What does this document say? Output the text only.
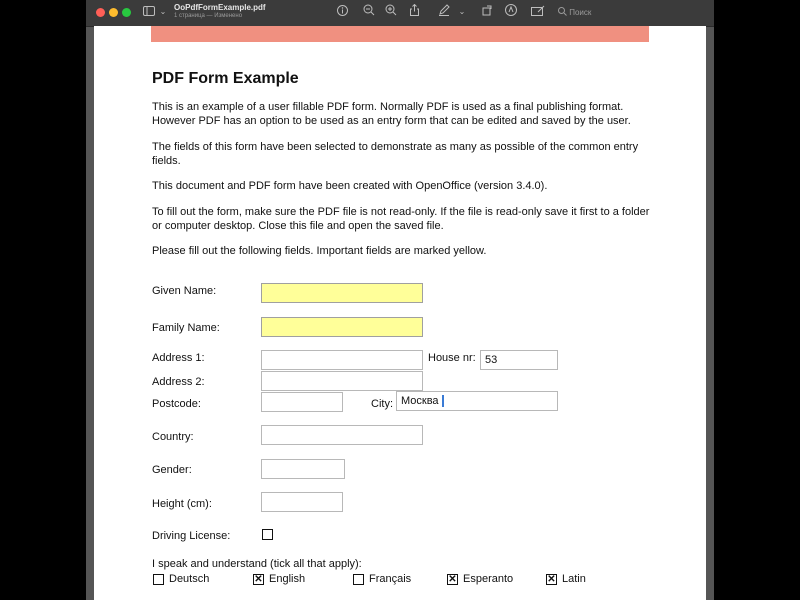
⌄ OoPdfFormExample.pdf
1 страница — Изменено	⌄	Поиск
PDF Form Example

This is an example of a user fillable PDF form. Normally PDF is used as a final publishing format. However PDF has an option to be used as an entry form that can be edited and saved by the user.

The fields of this form have been selected to demonstrate as many as possible of the common entry fields.

This document and PDF form have been created with OpenOffice (version 3.4.0).

To fill out the form, make sure the PDF file is not read-only. If the file is read-only save it first to a folder or computer desktop. Close this file and open the saved file.

Please fill out the following fields. Important fields are marked yellow.

Given Name:
Family Name:
Address 1:	House nr: 53
Address 2:
Postcode:	City: Москва
Country:
Gender:
Height (cm):
Driving License:
I speak and understand (tick all that apply):
Deutsch	✕ English	Français	✕ Esperanto	✕ Latin
